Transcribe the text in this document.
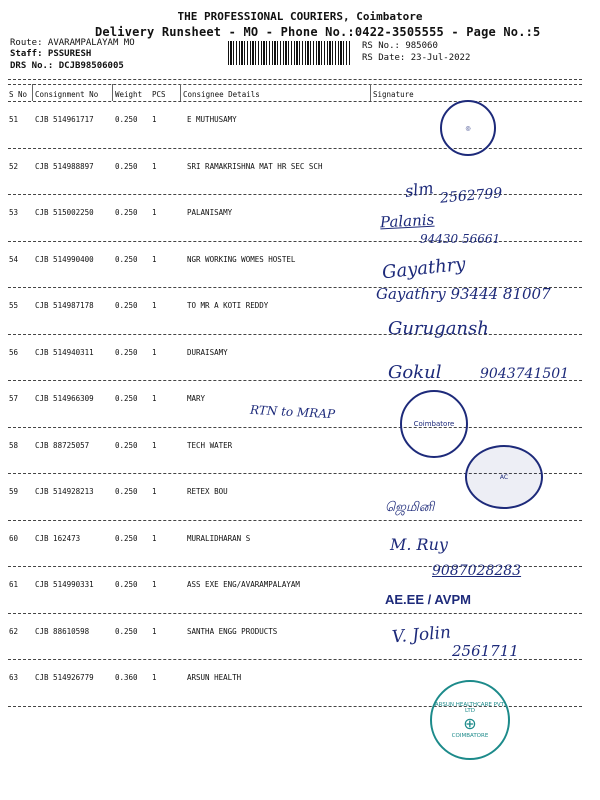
THE PROFESSIONAL COURIERS, Coimbatore
Delivery Runsheet - MO - Phone No.:0422-3505555 - Page No.:5
Route: AVARAMPALAYAM MO
Staff: PSSURESH
DRS No.: DCJB98506005
RS No.: 985060
RS Date: 23-Jul-2022
S No Consignment No Weight PCS Consignee Details	Signature
51 CJB 514961717	0.250 1	E MUTHUSAMY
52 CJB 514988897	0.250 1	SRI RAMAKRISHNA MAT HR SEC SCH
53 CJB 515002250	0.250 1	PALANISAMY
54 CJB 514990400	0.250 1	NGR WORKING WOMES HOSTEL
55 CJB 514987178	0.250 1	TO MR A KOTI REDDY
56 CJB 514940311	0.250 1	DURAISAMY
57 CJB 514966309	0.250 1	MARY
58 CJB 88725057	0.250 1	TECH WATER
59 CJB 514928213	0.250 1	RETEX BOU
60 CJB 162473	0.250 1	MURALIDHARAN S
61 CJB 514990331	0.250 1	ASS EXE ENG/AVARAMPALAYAM
62 CJB 88610598	0.250 1	SANTHA ENGG PRODUCTS
63 CJB 514926779	0.360 1	ARSUN HEALTH
ꜱlm 2562799
Palanis
94430 56661
Gayathry
Gayathry 93444 81007
Gurugansh
Gokul	9043741501
RTN to MRAP
ஜெமினி
M. Ruy
9087028283
AE.EE / AVPM
V. Jolin
2561711
◎
Coimbatore
AC
ARSUN HEALTHCARE PVT. LTD
⊕
COIMBATORE
